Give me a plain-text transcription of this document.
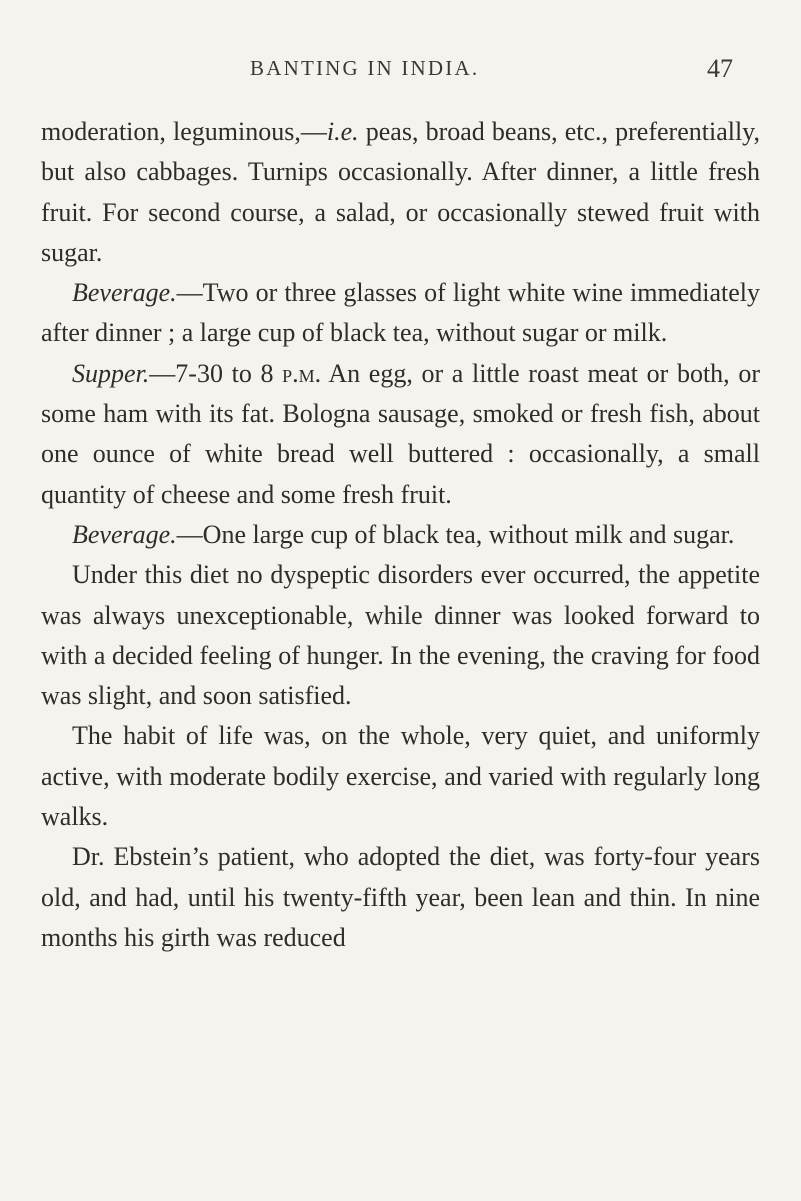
BANTING IN INDIA.	47

moderation, leguminous,—i.e. peas, broad beans, etc., preferentially, but also cabbages. Turnips occasionally. After dinner, a little fresh fruit. For second course, a salad, or occasionally stewed fruit with sugar.

Beverage.—Two or three glasses of light white wine immediately after dinner ; a large cup of black tea, without sugar or milk.

Supper.—7-30 to 8 p.m. An egg, or a little roast meat or both, or some ham with its fat. Bologna sausage, smoked or fresh fish, about one ounce of white bread well buttered : occasionally, a small quantity of cheese and some fresh fruit.

Beverage.—One large cup of black tea, without milk and sugar.

Under this diet no dyspeptic disorders ever occurred, the appetite was always unexceptionable, while dinner was looked forward to with a decided feeling of hunger. In the evening, the craving for food was slight, and soon satisfied.

The habit of life was, on the whole, very quiet, and uniformly active, with moderate bodily exercise, and varied with regularly long walks.

Dr. Ebstein’s patient, who adopted the diet, was forty-four years old, and had, until his twenty-fifth year, been lean and thin. In nine months his girth was reduced
